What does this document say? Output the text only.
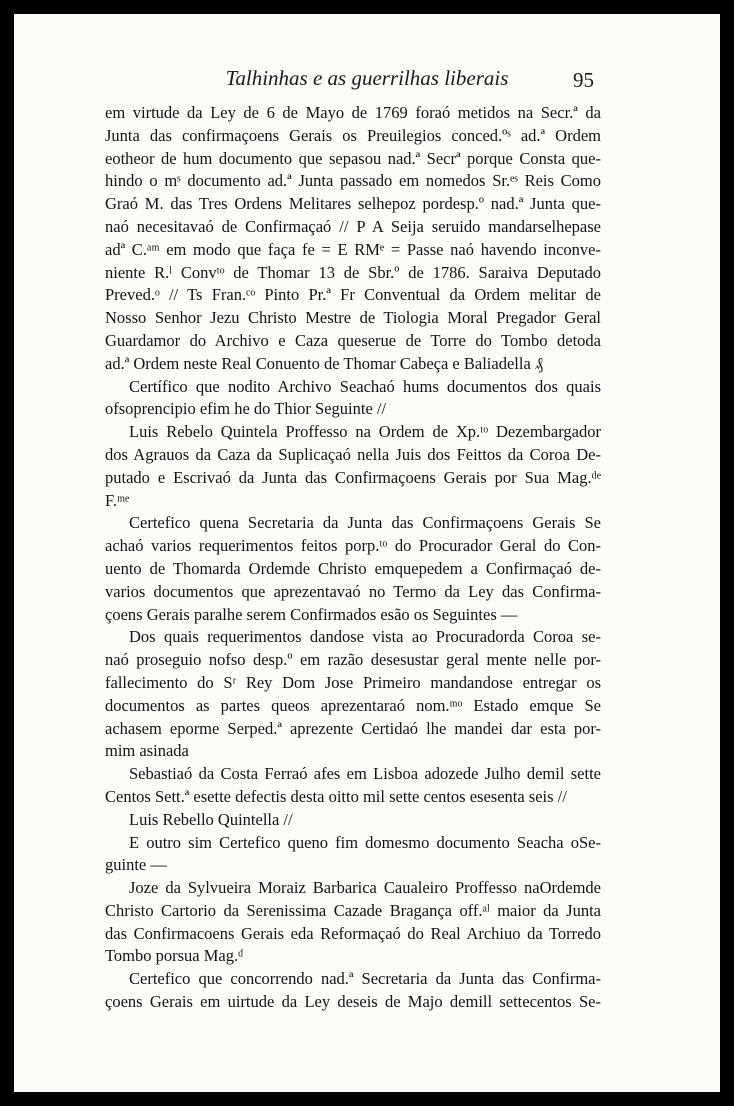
Talhinhas e as guerrilhas liberais	95
em virtude da Ley de 6 de Mayo de 1769 foraó metidos na Secr.ª da
Junta das confirmaçoens Gerais os Preuilegios conced.ºˢ ad.ª Ordem
eotheor de hum documento que sepasou nad.ª Secrª porque Consta que-
hindo o mˢ documento ad.ª Junta passado em nomedos Sr.ᵉˢ Reis Como
Graó M. das Tres Ordens Melitares selhepoz pordesp.º nad.ª Junta que-
naó necesitavaó de Confirmaçaó // P A Seija seruido mandarselhepase
adª C.ᵃᵐ em modo que faça fe = E RMᵉ = Passe naó havendo inconve-
niente R.ˡ Convᵗᵒ de Thomar 13 de Sbr.º de 1786. Saraiva Deputado
Preved.ᵒ // Ts Fran.ᶜᵒ Pinto Pr.ª Fr Conventual da Ordem melitar de
Nosso Senhor Jezu Christo Mestre de Tiologia Moral Pregador Geral
Guardamor do Archivo e Caza queserue de Torre do Tombo detoda
ad.ª Ordem neste Real Conuento de Thomar Cabeça e Baliadella ₰
Certífico que nodito Archivo Seachaó hums documentos dos quais
ofsoprencipio efim he do Thior Seguinte //
Luis Rebelo Quintela Proffesso na Ordem de Xp.ᵗᵒ Dezembargador
dos Agrauos da Caza da Suplicaçaó nella Juis dos Feittos da Coroa De-
putado e Escrivaó da Junta das Confirmaçoens Gerais por Sua Mag.ᵈᵉ
F.ᵐᵉ
Certefico quena Secretaria da Junta das Confirmaçoens Gerais Se
achaó varios requerimentos feitos porp.ᵗᵒ do Procurador Geral do Con-
uento de Thomarda Ordemde Christo emquepedem a Confirmaçaó de-
varios documentos que aprezentavaó no Termo da Ley das Confirma-
çoens Gerais paralhe serem Confirmados esão os Seguintes —
Dos quais requerimentos dandose vista ao Procuradorda Coroa se-
naó proseguio nofso desp.º em razão desesustar geral mente nelle por-
fallecimento do Sʳ Rey Dom Jose Primeiro mandandose entregar os
documentos as partes queos aprezentaraó nom.ᵐᵒ Estado emque Se
achasem eporme Serped.ª aprezente Certidaó lhe mandei dar esta por-
mim asinada
Sebastiaó da Costa Ferraó afes em Lisboa adozede Julho demil sette
Centos Sett.ª esette defectis desta oitto mil sette centos esesenta seis //
Luis Rebello Quintella //
E outro sim Certefico queno fim domesmo documento Seacha oSe-
guinte —
Joze da Sylvueira Moraiz Barbarica Caualeiro Proffesso naOrdemde
Christo Cartorio da Serenissima Cazade Bragança off.ᵃˡ maior da Junta
das Confirmacoens Gerais eda Reformaçaó do Real Archiuo da Torredo
Tombo porsua Mag.ᵈ
Certefico que concorrendo nad.ª Secretaria da Junta das Confirma-
çoens Gerais em uirtude da Ley deseis de Majo demill settecentos Se-
